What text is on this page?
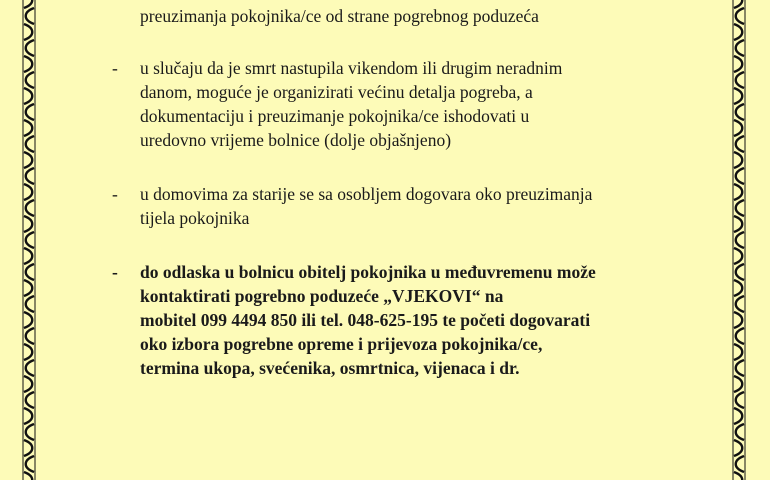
preuzimanja pokojnika/ce od strane pogrebnog poduzeća
- u slučaju da je smrt nastupila vikendom ili drugim neradnim
danom, moguće je organizirati većinu detalja pogreba, a
dokumentaciju i preuzimanje pokojnika/ce ishodovati u
uredovno vrijeme bolnice (dolje objašnjeno)
- u domovima za starije se sa osobljem dogovara oko preuzimanja
tijela pokojnika
- do odlaska u bolnicu obitelj pokojnika u međuvremenu može
kontaktirati pogrebno poduzeće „VJEKOVI“ na
mobitel 099 4494 850 ili tel. 048-625-195 te početi dogovarati
oko izbora pogrebne opreme i prijevoza pokojnika/ce,
termina ukopa, svećenika, osmrtnica, vijenaca i dr.
